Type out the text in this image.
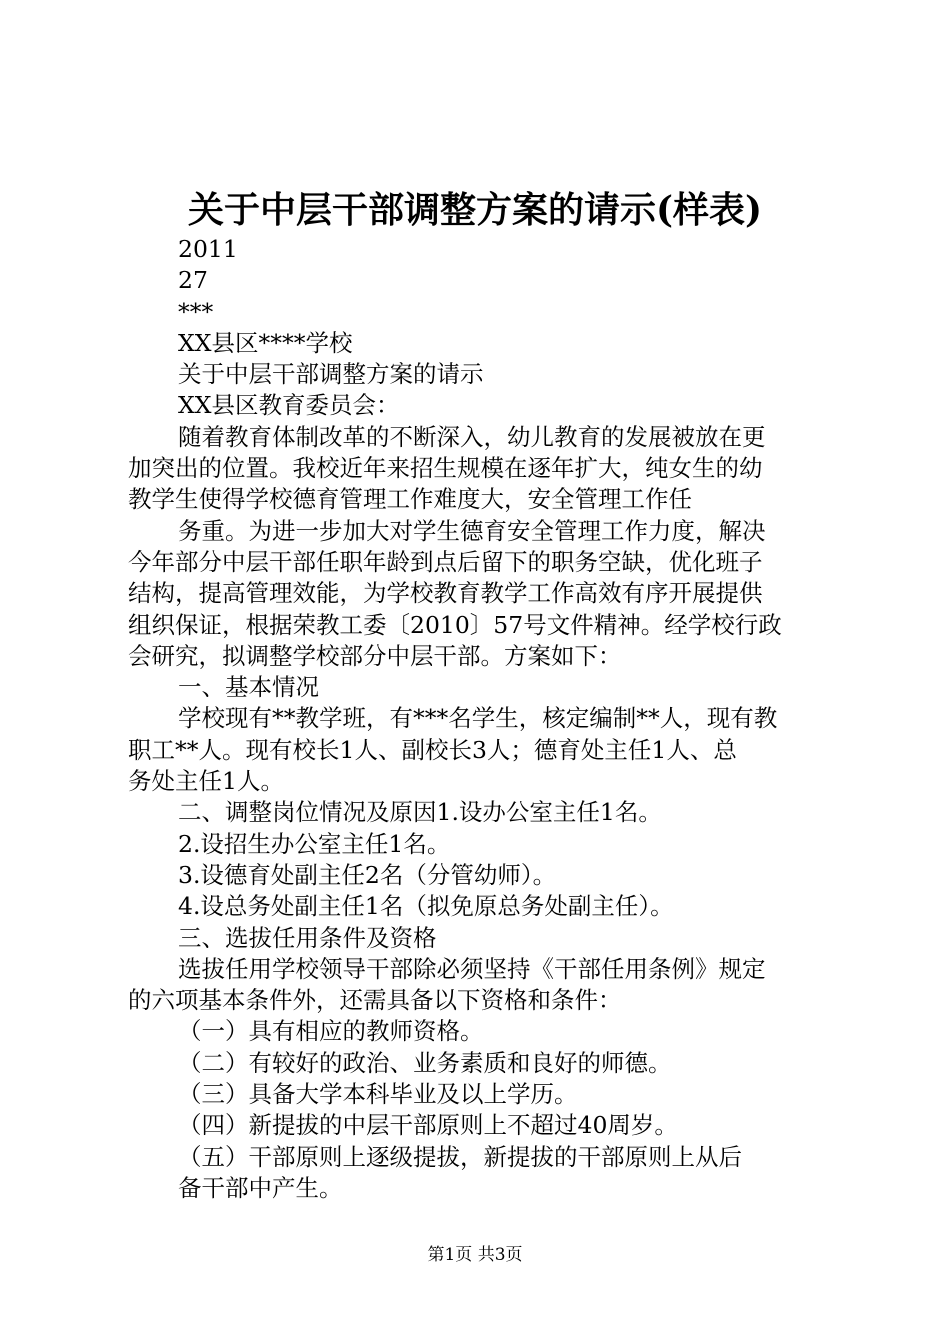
关于中层干部调整方案的请示(样表)
2011
27
***
XX县区****学校
关于中层干部调整方案的请示
XX县区教育委员会：
随着教育体制改革的不断深入，幼儿教育的发展被放在更
加突出的位置。我校近年来招生规模在逐年扩大，纯女生的幼
教学生使得学校德育管理工作难度大，安全管理工作任
务重。为进一步加大对学生德育安全管理工作力度，解决
今年部分中层干部任职年龄到点后留下的职务空缺，优化班子
结构，提高管理效能，为学校教育教学工作高效有序开展提供
组织保证，根据荣教工委〔2010〕57号文件精神。经学校行政
会研究，拟调整学校部分中层干部。方案如下：
一、基本情况
学校现有**教学班，有***名学生，核定编制**人，现有教
职工**人。现有校长1人、副校长3人；德育处主任1人、总
务处主任1人。
二、调整岗位情况及原因1.设办公室主任1名。
2.设招生办公室主任1名。
3.设德育处副主任2名（分管幼师）。
4.设总务处副主任1名（拟免原总务处副主任）。
三、选拔任用条件及资格
选拔任用学校领导干部除必须坚持《干部任用条例》规定
的六项基本条件外，还需具备以下资格和条件：
（一）具有相应的教师资格。
（二）有较好的政治、业务素质和良好的师德。
（三）具备大学本科毕业及以上学历。
（四）新提拔的中层干部原则上不超过40周岁。
（五）干部原则上逐级提拔，新提拔的干部原则上从后
备干部中产生。
第1页 共3页
